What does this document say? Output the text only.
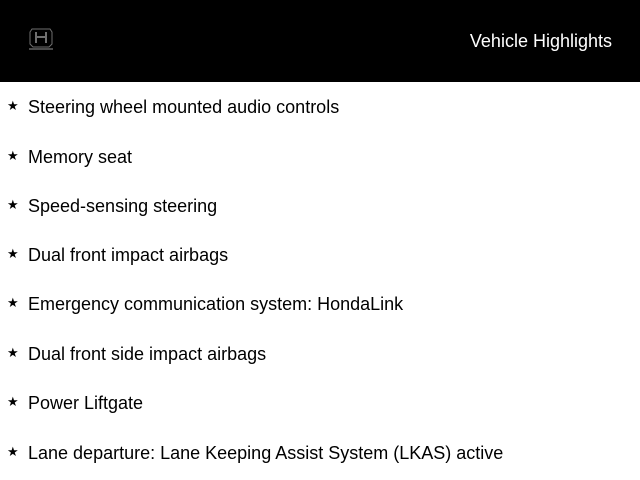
Vehicle Highlights
★ Steering wheel mounted audio controls
★ Memory seat
★ Speed-sensing steering
★ Dual front impact airbags
★ Emergency communication system: HondaLink
★ Dual front side impact airbags
★ Power Liftgate
★ Lane departure: Lane Keeping Assist System (LKAS) active
